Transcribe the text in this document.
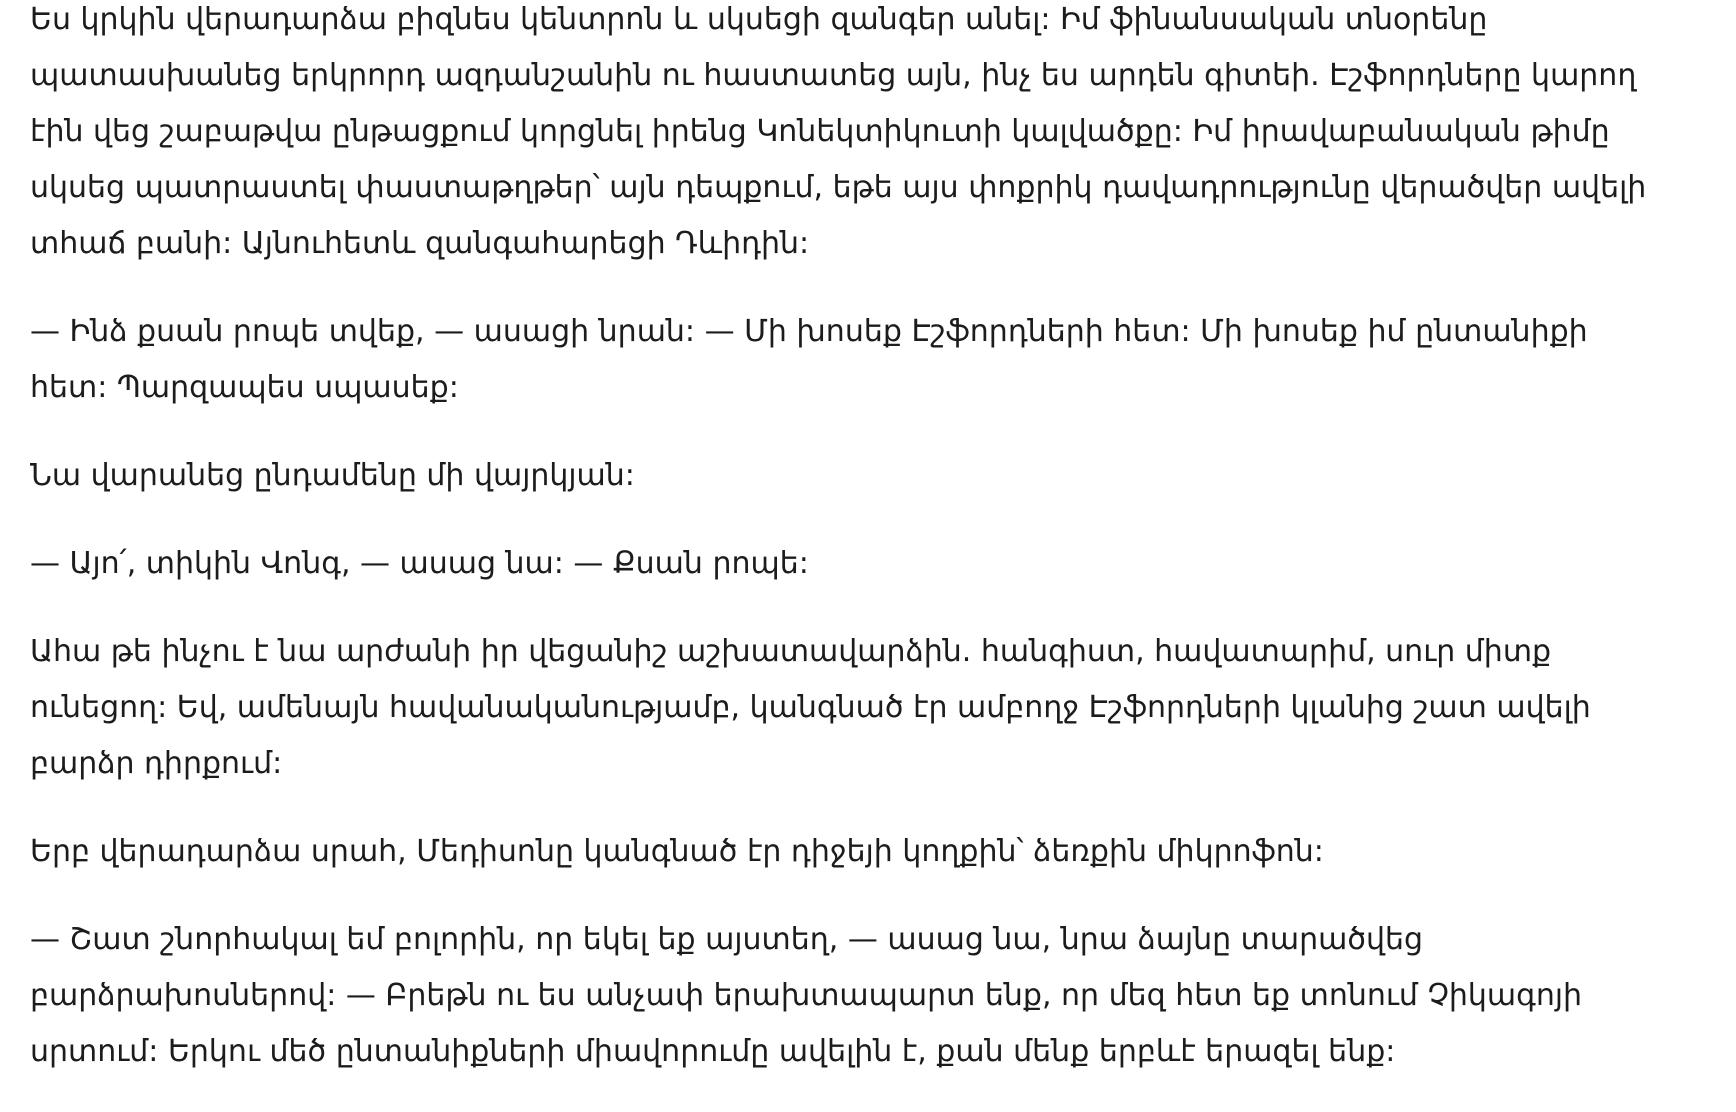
Ես կրկին վերադարձա բիզնես կենտրոն և սկսեցի զանգեր անել: Իմ ֆինանսական տնօրենը պատասխանեց երկրորդ ազդանշանին ու հաստատեց այն, ինչ ես արդեն գիտեի. Էշֆորդները կարող էին վեց շաբաթվա ընթացքում կորցնել իրենց Կոնեկտիկուտի կալվածքը: Իմ իրավաբանական թիմը սկսեց պատրաստել փաստաթղթեր՝ այն դեպքում, եթե այս փոքրիկ դավադրությունը վերածվեր ավելի տհաճ բանի: Այնուհետև զանգահարեցի Դևիդին:

— Ինձ քսան րոպե տվեք, — ասացի նրան: — Մի խոսեք Էշֆորդների հետ: Մի խոսեք իմ ընտանիքի հետ: Պարզապես սպասեք:

Նա վարանեց ընդամենը մի վայրկյան:

— Այո՛, տիկին Վոնգ, — ասաց նա: — Քսան րոպե:

Ահա թե ինչու է նա արժանի իր վեցանիշ աշխատավարձին. հանգիստ, հավատարիմ, սուր միտք ունեցող: Եվ, ամենայն հավանականությամբ, կանգնած էր ամբողջ Էշֆորդների կլանից շատ ավելի բարձր դիրքում:

Երբ վերադարձա սրահ, Մեդիսոնը կանգնած էր դիջեյի կողքին՝ ձեռքին միկրոֆոն:

— Շատ շնորհակալ եմ բոլորին, որ եկել եք այստեղ, — ասաց նա, նրա ձայնը տարածվեց բարձրախոսներով: — Բրեթն ու ես անչափ երախտապարտ ենք, որ մեզ հետ եք տոնում Չիկագոյի սրտում: Երկու մեծ ընտանիքների միավորումը ավելին է, քան մենք երբևէ երազել ենք:
